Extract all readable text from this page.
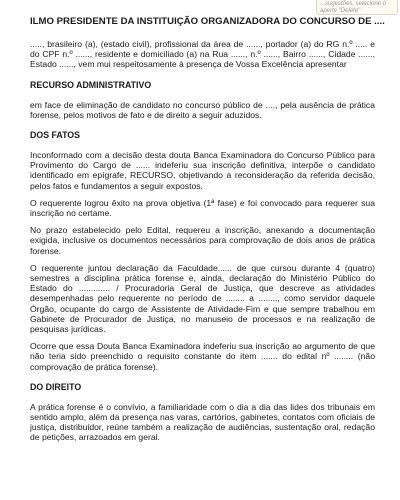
...sugestões, selecione o
aperte "Delete"
ILMO PRESIDENTE DA INSTITUIÇÃO ORGANIZADORA DO CONCURSO DE ....

....., brasileiro (a), (estado civil), profissional da área de ......, portador (a) do RG n.º ..... e do CPF n.º ......, residente e domiciliado (a) na Rua ......, n.º ......, Bairro ......, Cidade ......, Estado ......, vem mui respeitosamente à presença de Vossa Excelência apresentar

RECURSO ADMINISTRATIVO

em face de eliminação de candidato no concurso público de ...., pela ausência de prática forense, pelos motivos de fato e de direito a seguir aduzidos.

DOS FATOS

Inconformado com a decisão desta douta Banca Examinadora do Concurso Público para Provimento do Cargo de ...... indeferiu sua inscrição definitiva, interpõe o candidato identificado em epígrafe, RECURSO, objetivando a reconsideração da referida decisão, pelos fatos e fundamentos a seguir expostos.

O requerente logrou êxito na prova objetiva (1ª fase) e foi convocado para requerer sua inscrição no certame.

No prazo estabelecido pelo Edital, requereu a inscrição, anexando a documentação exigida, inclusive os documentos necessários para comprovação de dois anos de prática forense.

O requerente juntou declaração da Faculdade...... de que cursou durante 4 (quatro) semestres a disciplina prática forense e, ainda, declaração do Ministério Público do Estado do ............. / Procuradoria Geral de Justiça, que descreve as atividades desempenhadas pelo requerente no período de ........ a ........, como servidor daquele Órgão, ocupante do cargo de Assistente de Atividade-Fim e que sempre trabalhou em Gabinete de Procurador de Justiça, no manuseio de processos e na realização de pesquisas jurídicas.

Ocorre que essa Douta Banca Examinadora indeferiu sua inscrição ao argumento de que não teria sido preenchido o requisito constante do item ....... do edital nº ........ (não comprovação de prática forense).

DO DIREITO

A prática forense é o convívio, a familiaridade com o dia a dia das lides dos tribunais em sentido amplo, além da presença nas varas, cartórios, gabinetes, contatos com oficiais de justiça, distribuidor, reúne também a realização de audiências, sustentação oral, redação de petições, arrazoados em geral.
